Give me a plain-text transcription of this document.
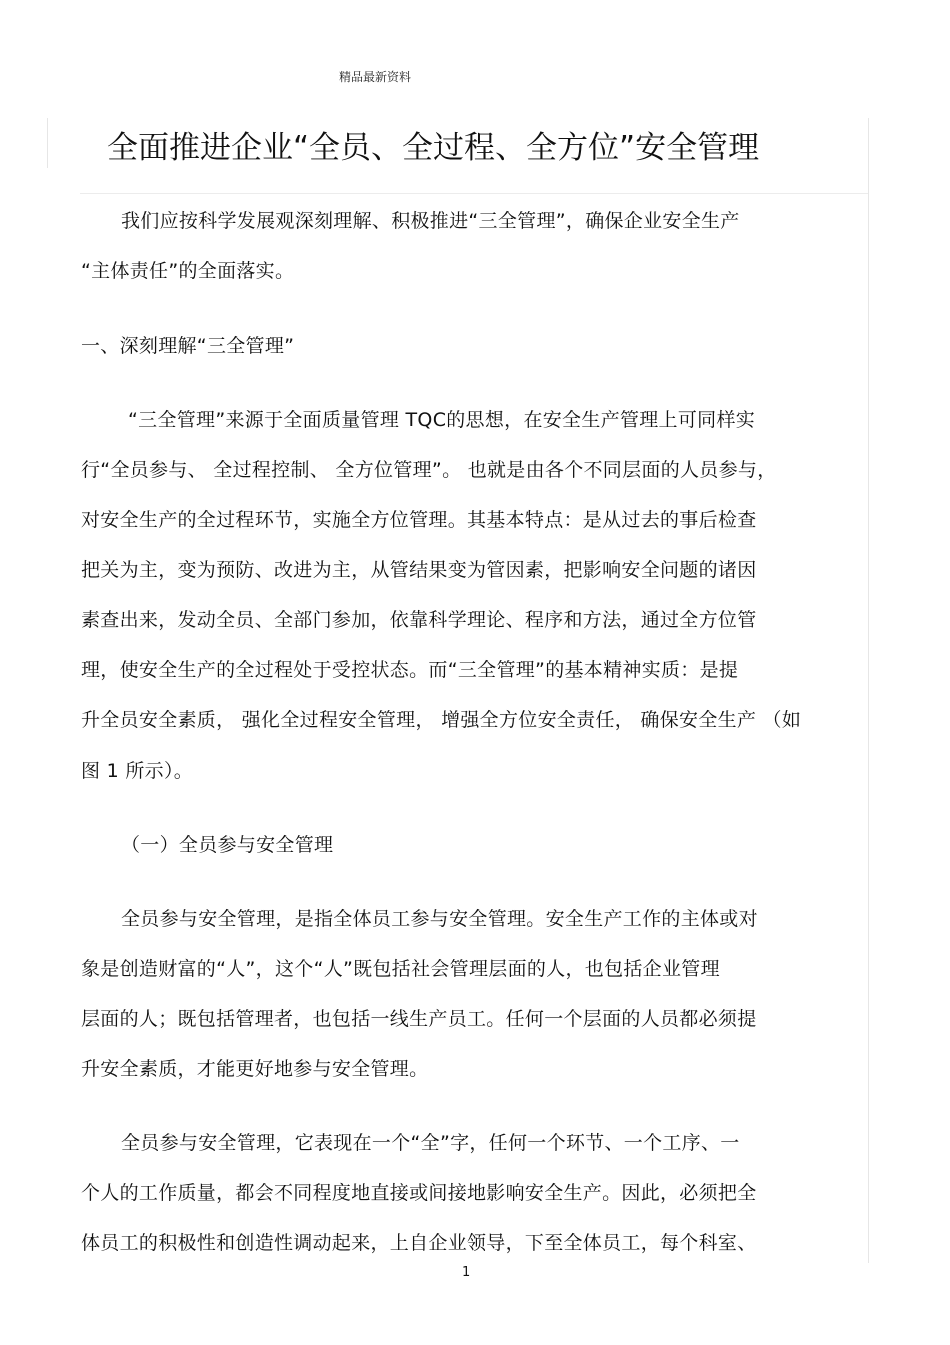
精品最新资料
全面推进企业“全员、全过程、全方位”安全管理
我们应按科学发展观深刻理解、积极推进“三全管理”，确保企业安全生产
“主体责任”的全面落实。
一、深刻理解“三全管理”
“三全管理”来源于全面质量管理 TQC的思想，在安全生产管理上可同样实
行“全员参与、 全过程控制、 全方位管理”。 也就是由各个不同层面的人员参与，
对安全生产的全过程环节，实施全方位管理。其基本特点：是从过去的事后检查
把关为主，变为预防、改进为主，从管结果变为管因素，把影响安全问题的诸因
素查出来，发动全员、全部门参加，依靠科学理论、程序和方法，通过全方位管
理，使安全生产的全过程处于受控状态。而“三全管理”的基本精神实质：是提
升全员安全素质， 强化全过程安全管理， 增强全方位安全责任， 确保安全生产 （如
图 1 所示）。
（一）全员参与安全管理
全员参与安全管理，是指全体员工参与安全管理。安全生产工作的主体或对
象是创造财富的“人”，这个“人”既包括社会管理层面的人，也包括企业管理
层面的人；既包括管理者，也包括一线生产员工。任何一个层面的人员都必须提
升安全素质，才能更好地参与安全管理。
全员参与安全管理，它表现在一个“全”字，任何一个环节、一个工序、一
个人的工作质量，都会不同程度地直接或间接地影响安全生产。因此，必须把全
体员工的积极性和创造性调动起来，上自企业领导，下至全体员工，每个科室、
1
